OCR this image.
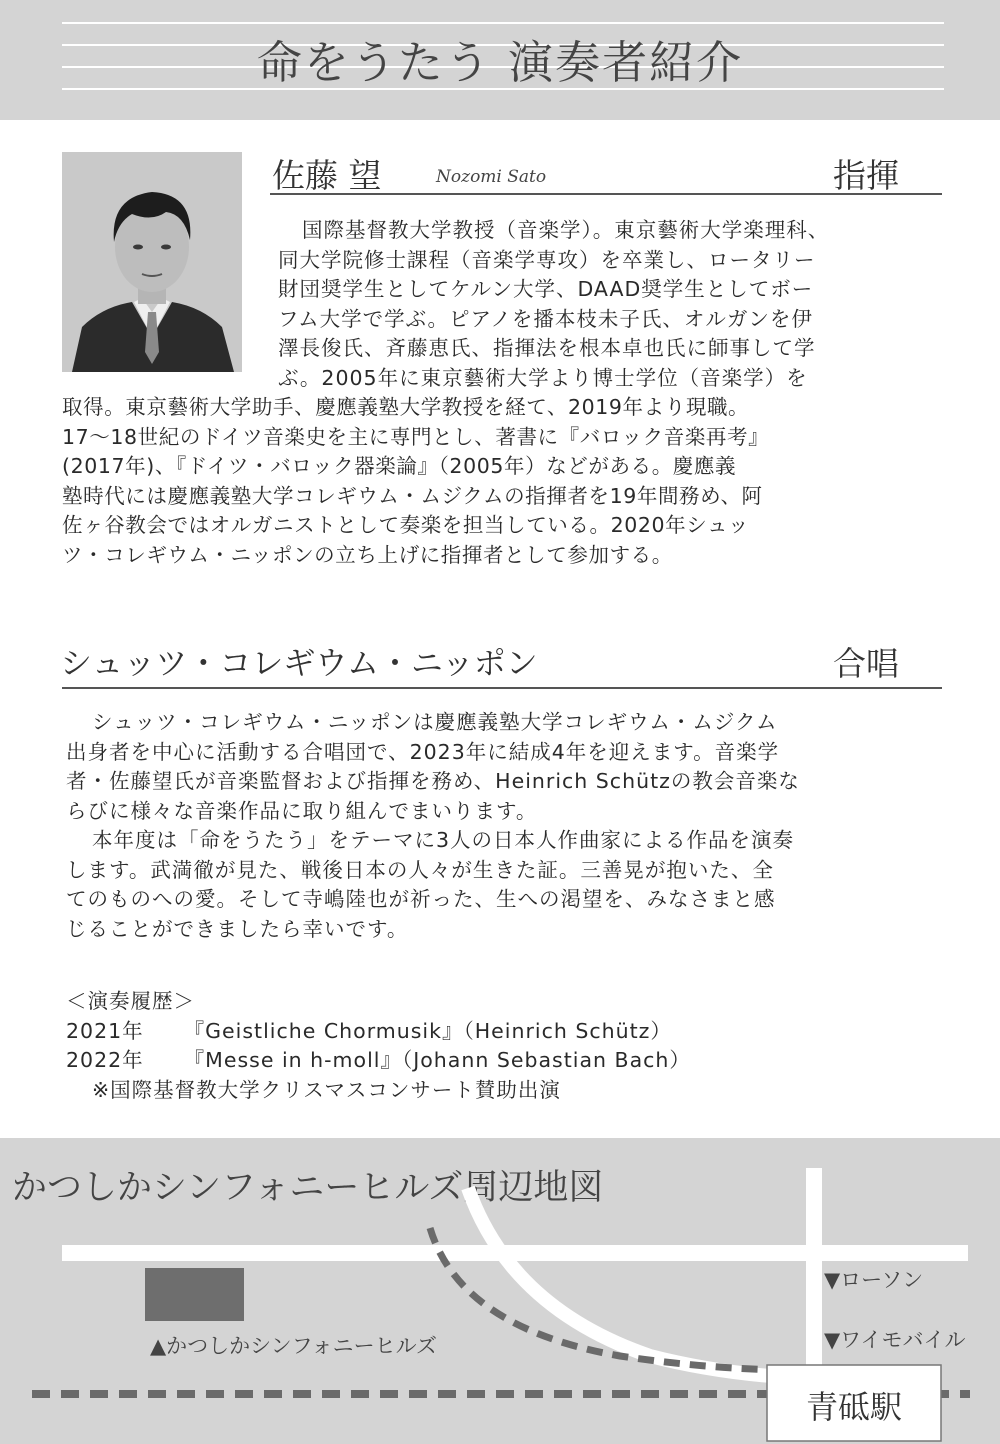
命をうたう 演奏者紹介
佐藤 望	Nozomi Sato	指揮
国際基督教大学教授（音楽学）。東京藝術大学楽理科、
同大学院修士課程（音楽学専攻）を卒業し、ロータリー
財団奨学生としてケルン大学、DAAD奨学生としてボー
フム大学で学ぶ。ピアノを播本枝未子氏、オルガンを伊
澤長俊氏、斉藤恵氏、指揮法を根本卓也氏に師事して学
ぶ。2005年に東京藝術大学より博士学位（音楽学）を
取得。東京藝術大学助手、慶應義塾大学教授を経て、2019年より現職。
17～18世紀のドイツ音楽史を主に専門とし、著書に『バロック音楽再考』
(2017年)、『ドイツ・バロック器楽論』（2005年）などがある。慶應義
塾時代には慶應義塾大学コレギウム・ムジクムの指揮者を19年間務め、阿
佐ヶ谷教会ではオルガニストとして奏楽を担当している。2020年シュッ
ツ・コレギウム・ニッポンの立ち上げに指揮者として参加する。
シュッツ・コレギウム・ニッポン	合唱
シュッツ・コレギウム・ニッポンは慶應義塾大学コレギウム・ムジクム
出身者を中心に活動する合唱団で、2023年に結成4年を迎えます。音楽学
者・佐藤望氏が音楽監督および指揮を務め、Heinrich Schützの教会音楽な
らびに様々な音楽作品に取り組んでまいります。
本年度は「命をうたう」をテーマに3人の日本人作曲家による作品を演奏
します。武満徹が見た、戦後日本の人々が生きた証。三善晃が抱いた、全
てのものへの愛。そして寺嶋陸也が祈った、生への渇望を、みなさまと感
じることができましたら幸いです。
＜演奏履歴＞
2021年 『Geistliche Chormusik』（Heinrich Schütz）
2022年 『Messe in h-moll』（Johann Sebastian Bach）
※国際基督教大学クリスマスコンサート賛助出演
かつしかシンフォニーヒルズ周辺地図
▲かつしかシンフォニーヒルズ
▼ローソン
▼ワイモバイル
青砥駅
